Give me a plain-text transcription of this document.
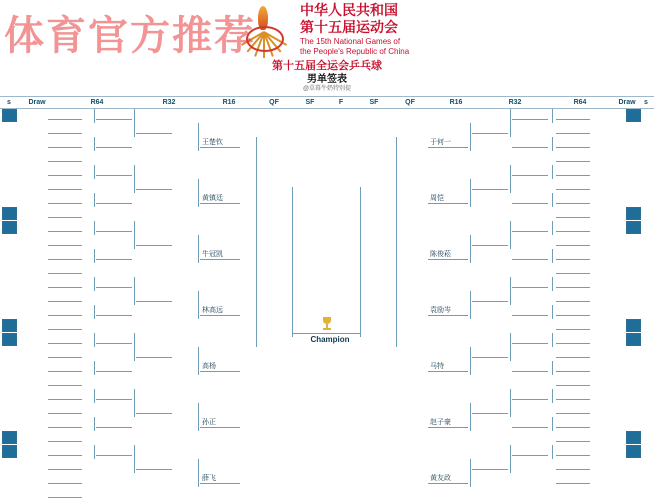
中华人民共和国
第十五届运动会
The 15th National Games of
the People's Republic of China
第十五届全运会乒乓球
男单签表
@草幕牛奶特别提
体育官方推荐
s	Draw	R64	R32	R16	QF	SF	F	SF	QF	R16	R32	R64	Draw	s
Champion
王楚钦
黄镇廷
牛冠凯
林高远
高杨
孙正
薛飞
于何一
周恺
陈俊菘
袁励岑
马特
赵子豪
黄友政
